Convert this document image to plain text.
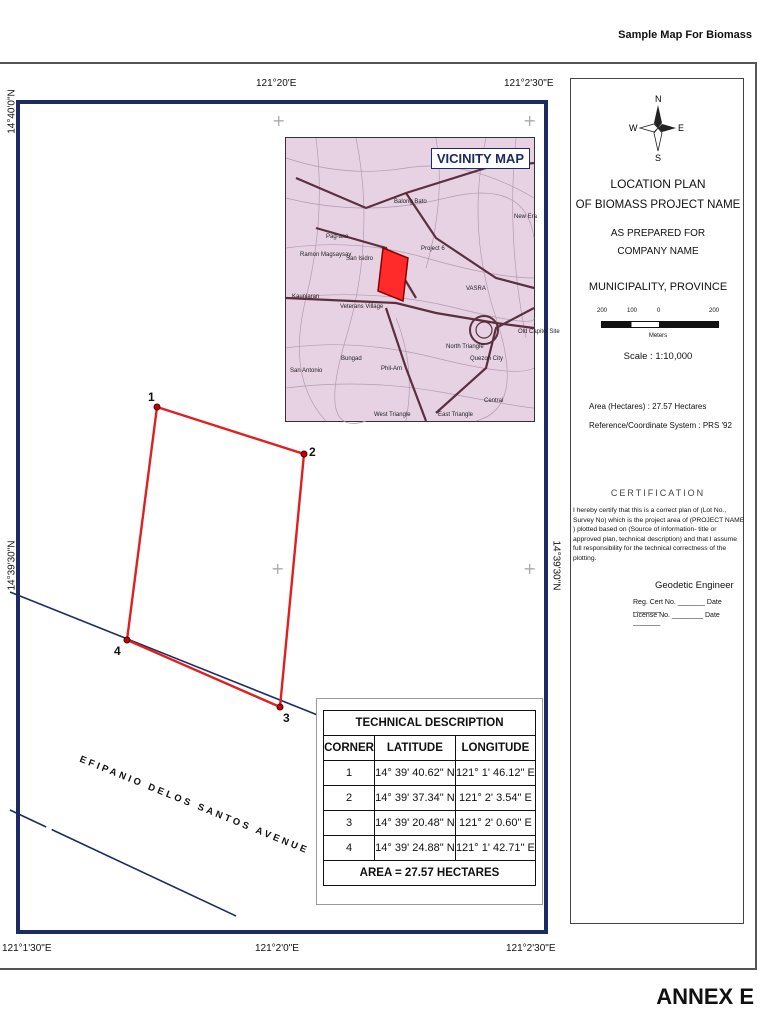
Sample Map For Biomass
121°20'E	121°2'30"E
121°1'30"E	121°2'0"E	121°2'30"E
14°40'0"N
14°39'30"N	14°39'30"N
+	+
+	+
1
2
3
4
EFIPANIO DELOS SANTOS AVENUE
Balong Bato
Ramon Magsaysay
San Isidro
Kaunlaran
Veterans Village
Bungad
Pag-asa
North Triangle
San Antonio	Phil-Am
West Triangle	East Triangle
Central
Quezon City
Project 6
VASRA
New Era
Old Capitol Site
VICINITY MAP
TECHNICAL DESCRIPTION		
CORNER	LATITUDE	LONGITUDE
1	14° 39' 40.62" N	121° 1' 46.12" E
2	14° 39' 37.34" N	121° 2' 3.54" E
3	14° 39' 20.48" N	121° 2' 0.60" E
4	14° 39' 24.88" N	121° 1' 42.71" E
AREA = 27.57 HECTARES		
N
S
E
W
LOCATION PLAN
OF BIOMASS PROJECT NAME
AS PREPARED FOR
COMPANY NAME
MUNICIPALITY, PROVINCE
200	100	0	200
Meters
Scale : 1:10,000
Area (Hectares) : 27.57 Hectares
Reference/Coordinate System : PRS '92
CERTIFICATION
I hereby certify that this is a correct plan of (Lot No., Survey No) which is the project area of (PROJECT NAME ) plotted based on (Source of information- title or approved plan, technical description) and that I assume full responsibility for the technical correctness of the plotting.
Geodetic Engineer
Reg. Cert No. _______ Date _______
License No. ________ Date _______
ANNEX E
